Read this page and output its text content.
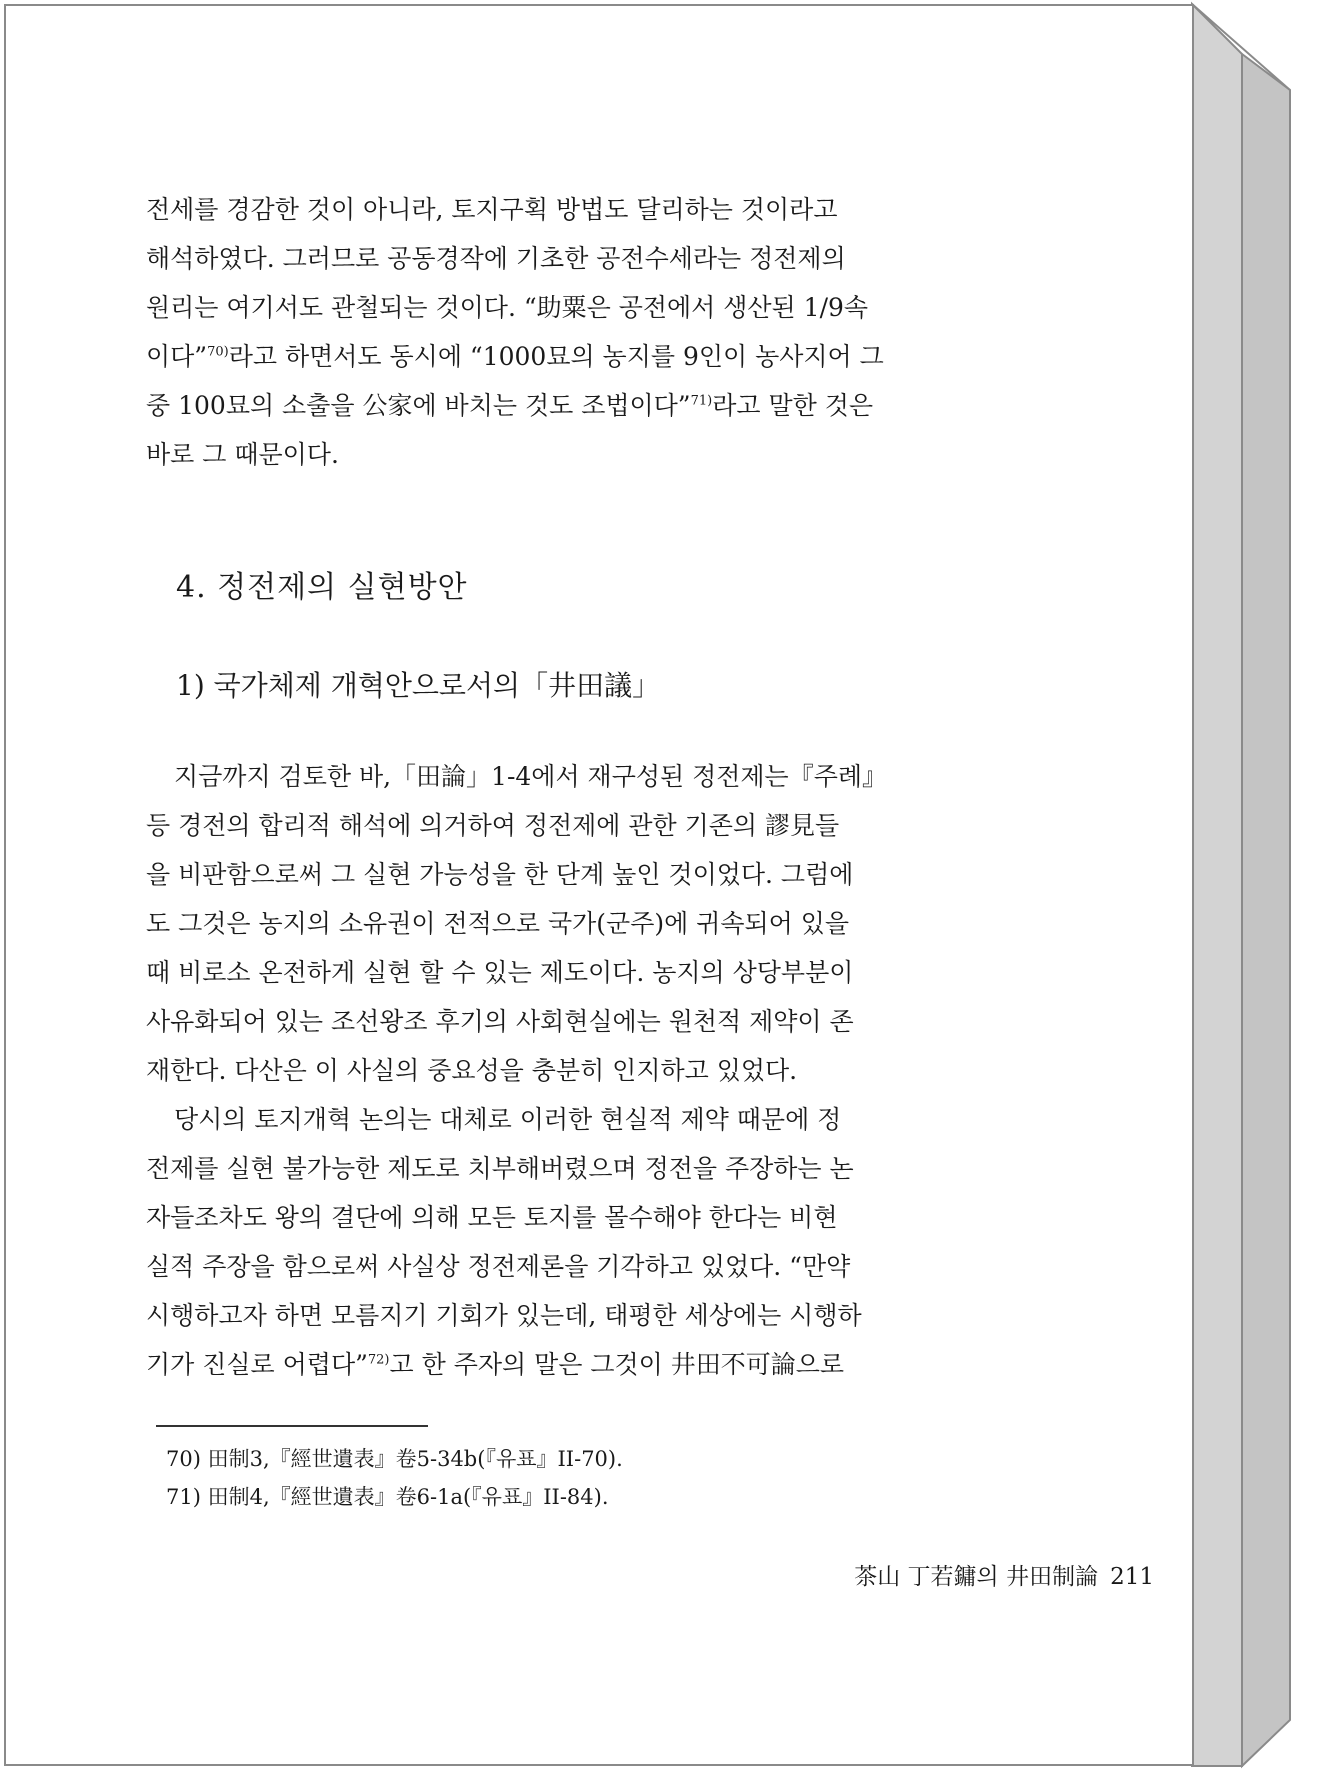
전세를 경감한 것이 아니라, 토지구획 방법도 달리하는 것이라고
해석하였다. 그러므로 공동경작에 기초한 공전수세라는 정전제의
원리는 여기서도 관철되는 것이다. “助粟은 공전에서 생산된 1/9속
이다”$^{70)}$라고 하면서도 동시에 “1000묘의 농지를 9인이 농사지어 그
중 100묘의 소출을 公家에 바치는 것도 조법이다”$^{71)}$라고 말한 것은
바로 그 때문이다.

4. 정전제의 실현방안
1) 국가체제 개혁안으로서의「井田議」

지금까지 검토한 바,「田論」1-4에서 재구성된 정전제는『주례』
등 경전의 합리적 해석에 의거하여 정전제에 관한 기존의 謬見들
을 비판함으로써 그 실현 가능성을 한 단계 높인 것이었다. 그럼에
도 그것은 농지의 소유권이 전적으로 국가(군주)에 귀속되어 있을
때 비로소 온전하게 실현 할 수 있는 제도이다. 농지의 상당부분이
사유화되어 있는 조선왕조 후기의 사회현실에는 원천적 제약이 존
재한다. 다산은 이 사실의 중요성을 충분히 인지하고 있었다.
당시의 토지개혁 논의는 대체로 이러한 현실적 제약 때문에 정
전제를 실현 불가능한 제도로 치부해버렸으며 정전을 주장하는 논
자들조차도 왕의 결단에 의해 모든 토지를 몰수해야 한다는 비현
실적 주장을 함으로써 사실상 정전제론을 기각하고 있었다. “만약
시행하고자 하면 모름지기 기회가 있는데, 태평한 세상에는 시행하
기가 진실로 어렵다”$^{72)}$고 한 주자의 말은 그것이 井田不可論으로

70) 田制3,『經世遺表』卷5-34b(『유표』II-70).
71) 田制4,『經世遺表』卷6-1a(『유표』II-84).
茶山 丁若鏞의 井田制論 211
